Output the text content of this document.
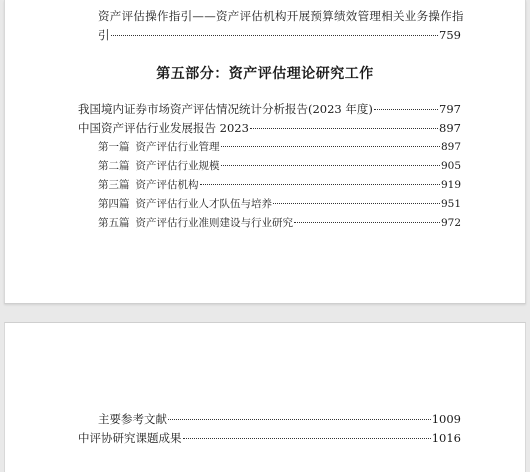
资产评估操作指引——资产评估机构开展预算绩效管理相关业务操作指
引	759
第五部分：资产评估理论研究工作
我国境内证券市场资产评估情况统计分析报告(2023 年度)	797
中国资产评估行业发展报告 2023	897
第一篇 资产评估行业管理	897
第二篇 资产评估行业规模	905
第三篇 资产评估机构	919
第四篇 资产评估行业人才队伍与培养	951
第五篇 资产评估行业准则建设与行业研究	972
主要参考文献	1009
中评协研究课题成果	1016
